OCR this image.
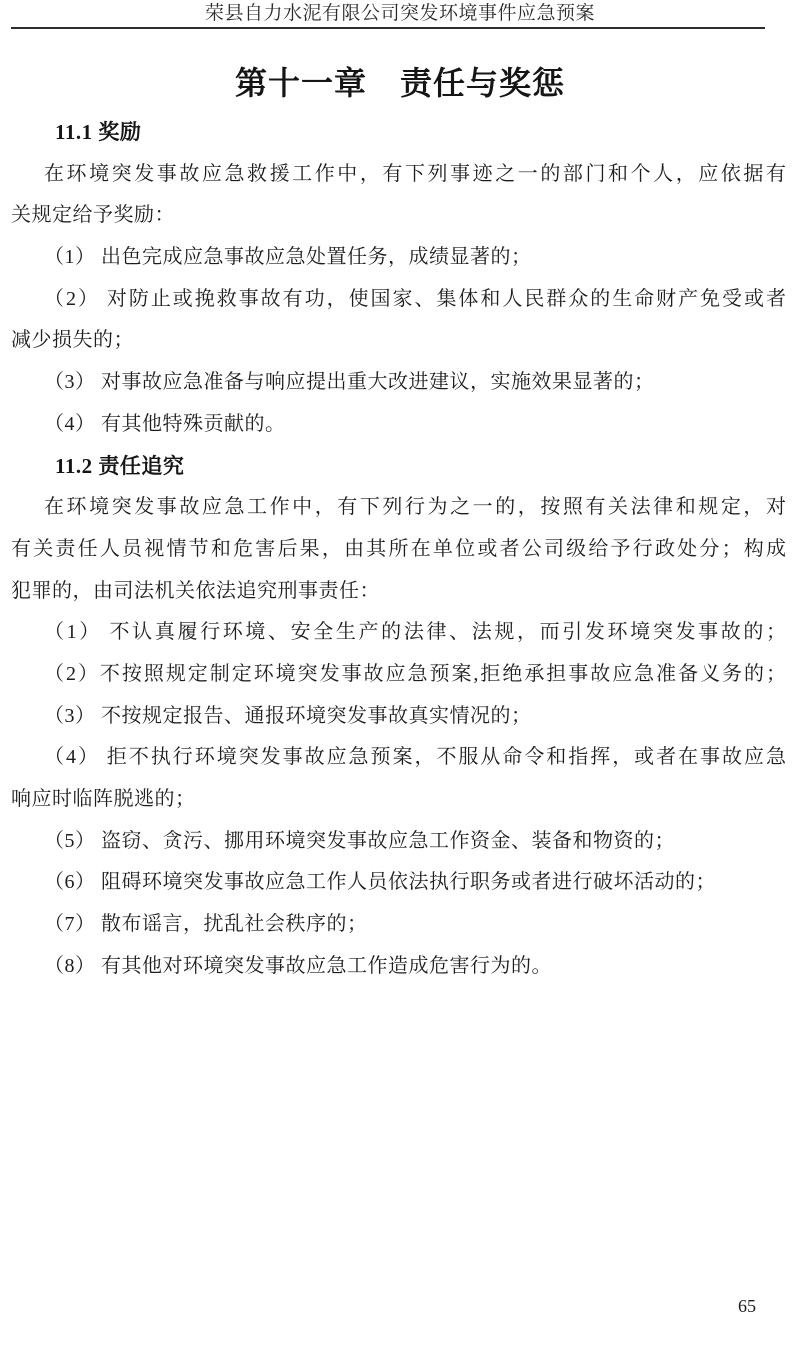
荣县自力水泥有限公司突发环境事件应急预案
第十一章　责任与奖惩
11.1 奖励
在环境突发事故应急救援工作中，有下列事迹之一的部门和个人，应依据有
关规定给予奖励：
（1） 出色完成应急事故应急处置任务，成绩显著的；
（2） 对防止或挽救事故有功，使国家、集体和人民群众的生命财产免受或者
减少损失的；
（3） 对事故应急准备与响应提出重大改进建议，实施效果显著的；
（4） 有其他特殊贡献的。
11.2 责任追究
在环境突发事故应急工作中，有下列行为之一的，按照有关法律和规定，对
有关责任人员视情节和危害后果，由其所在单位或者公司级给予行政处分；构成
犯罪的，由司法机关依法追究刑事责任：
（1） 不认真履行环境、安全生产的法律、法规，而引发环境突发事故的；
（2）不按照规定制定环境突发事故应急预案,拒绝承担事故应急准备义务的；
（3） 不按规定报告、通报环境突发事故真实情况的；
（4） 拒不执行环境突发事故应急预案，不服从命令和指挥，或者在事故应急
响应时临阵脱逃的；
（5） 盗窃、贪污、挪用环境突发事故应急工作资金、装备和物资的；
（6） 阻碍环境突发事故应急工作人员依法执行职务或者进行破坏活动的；
（7） 散布谣言，扰乱社会秩序的；
（8） 有其他对环境突发事故应急工作造成危害行为的。
65
